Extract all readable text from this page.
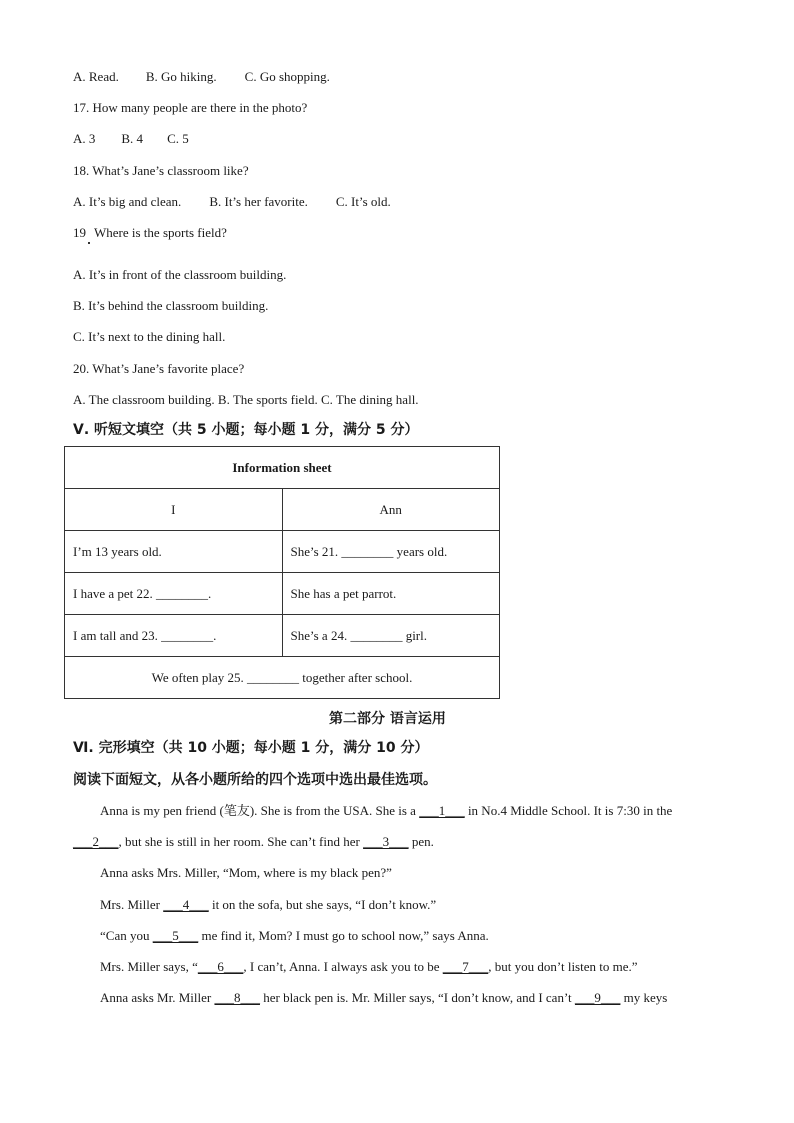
A. Read. B. Go hiking. C. Go shopping.
17. How many people are there in the photo?
A. 3 B. 4 C. 5
18. What’s Jane’s classroom like?
A. It’s big and clean. B. It’s her favorite. C. It’s old.
19 Where is the sports field?
A. It’s in front of the classroom building.
B. It’s behind the classroom building.
C. It’s next to the dining hall.
20. What’s Jane’s favorite place?
A. The classroom building. B. The sports field. C. The dining hall.
Ⅴ. 听短文填空（共 5 小题；每小题 1 分，满分 5 分）
Information sheet	
I	Ann
I’m 13 years old.	She’s 21. ________ years old.
I have a pet 22. ________.	She has a pet parrot.
I am tall and 23. ________.	She’s a 24. ________ girl.
We often play 25. ________ together after school.	
第二部分 语言运用
Ⅵ. 完形填空（共 10 小题；每小题 1 分，满分 10 分）
阅读下面短文，从各小题所给的四个选项中选出最佳选项。
Anna is my pen friend (笔友). She is from the USA. She is a ___1___ in No.4 Middle School. It is 7:30 in the
___2___, but she is still in her room. She can’t find her ___3___ pen.
Anna asks Mrs. Miller, “Mom, where is my black pen?”
Mrs. Miller ___4___ it on the sofa, but she says, “I don’t know.”
“Can you ___5___ me find it, Mom? I must go to school now,” says Anna.
Mrs. Miller says, “___6___, I can’t, Anna. I always ask you to be ___7___, but you don’t listen to me.”
Anna asks Mr. Miller ___8___ her black pen is. Mr. Miller says, “I don’t know, and I can’t ___9___ my keys
